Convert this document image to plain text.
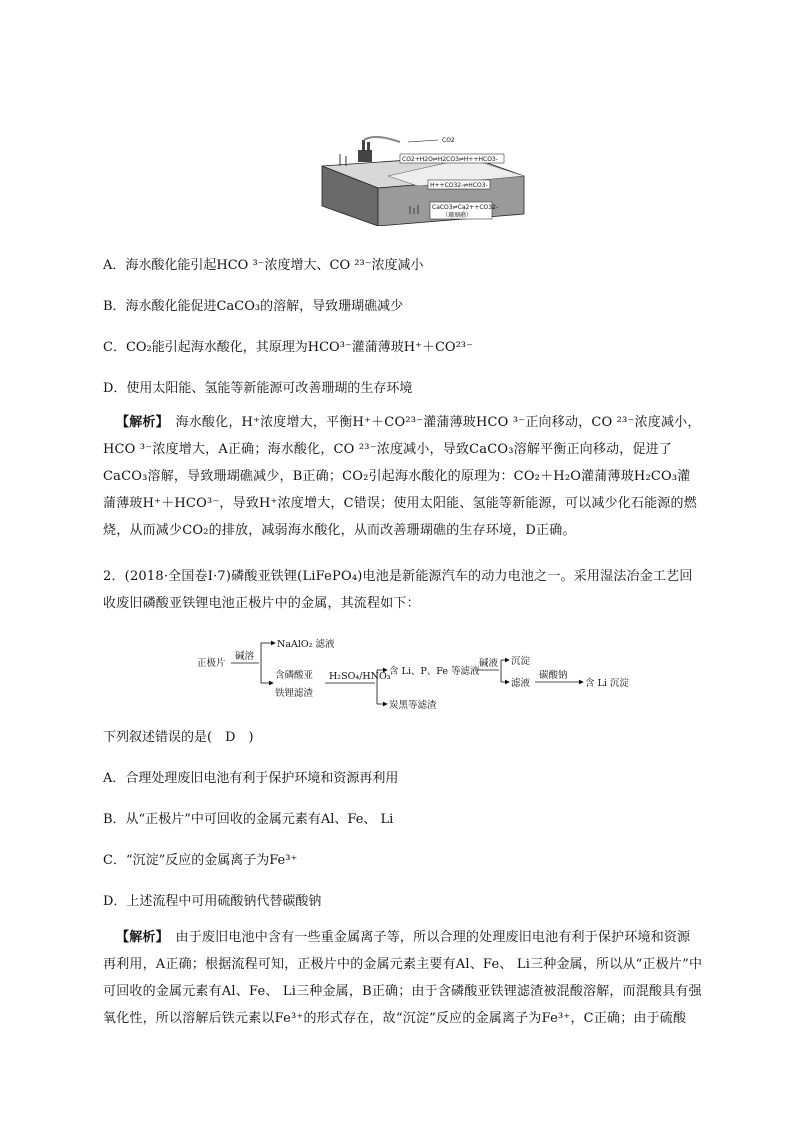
CO2
CO2+H2O⇌H2CO3⇌H++HCO3-
H++CO32-⇌HCO3-
CaCO3⇌Ca2++CO32-
（珊瑚礁）
A．海水酸化能引起HCO ³⁻浓度增大、CO ²³⁻浓度减小
B．海水酸化能促进CaCO₃的溶解，导致珊瑚礁减少
C．CO₂能引起海水酸化，其原理为HCO³⁻灌蒲薄玻H⁺＋CO²³⁻
D．使用太阳能、氢能等新能源可改善珊瑚的生存环境
【解析】　海水酸化，H⁺浓度增大，平衡H⁺＋CO²³⁻灌蒲薄玻HCO ³⁻正向移动，CO ²³⁻浓度减小，HCO ³⁻浓度增大，A正确；海水酸化，CO ²³⁻浓度减小，导致CaCO₃溶解平衡正向移动，促进了CaCO₃溶解，导致珊瑚礁减少，B正确；CO₂引起海水酸化的原理为：CO₂＋H₂O灌蒲薄玻H₂CO₃灌蒲薄玻H⁺＋HCO³⁻，导致H⁺浓度增大，C错误；使用太阳能、氢能等新能源，可以减少化石能源的燃烧，从而减少CO₂的排放，减弱海水酸化，从而改善珊瑚礁的生存环境，D正确。
2．(2018·全国卷Ⅰ·7)磷酸亚铁锂(LiFePO₄)电池是新能源汽车的动力电池之一。采用湿法冶金工艺回收废旧磷酸亚铁锂电池正极片中的金属，其流程如下：
正极片
碱溶
NaAlO₂ 滤液
含磷酸亚
铁锂滤渣
H₂SO₄/HNO₃
含 Li、P、Fe 等滤液
炭黑等滤渣
碱液 沉淀
滤液
碳酸钠
含 Li 沉淀
下列叙述错误的是(　D　)
A．合理处理废旧电池有利于保护环境和资源再利用
B．从“正极片”中可回收的金属元素有Al、Fe、 Li
C．“沉淀”反应的金属离子为Fe³⁺
D．上述流程中可用硫酸钠代替碳酸钠
【解析】　由于废旧电池中含有一些重金属离子等，所以合理的处理废旧电池有利于保护环境和资源再利用，A正确；根据流程可知，正极片中的金属元素主要有Al、Fe、 Li三种金属，所以从“正极片”中可回收的金属元素有Al、Fe、 Li三种金属，B正确；由于含磷酸亚铁锂滤渣被混酸溶解，而混酸具有强氧化性，所以溶解后铁元素以Fe³⁺的形式存在，故“沉淀”反应的金属离子为Fe³⁺，C正确；由于硫酸
